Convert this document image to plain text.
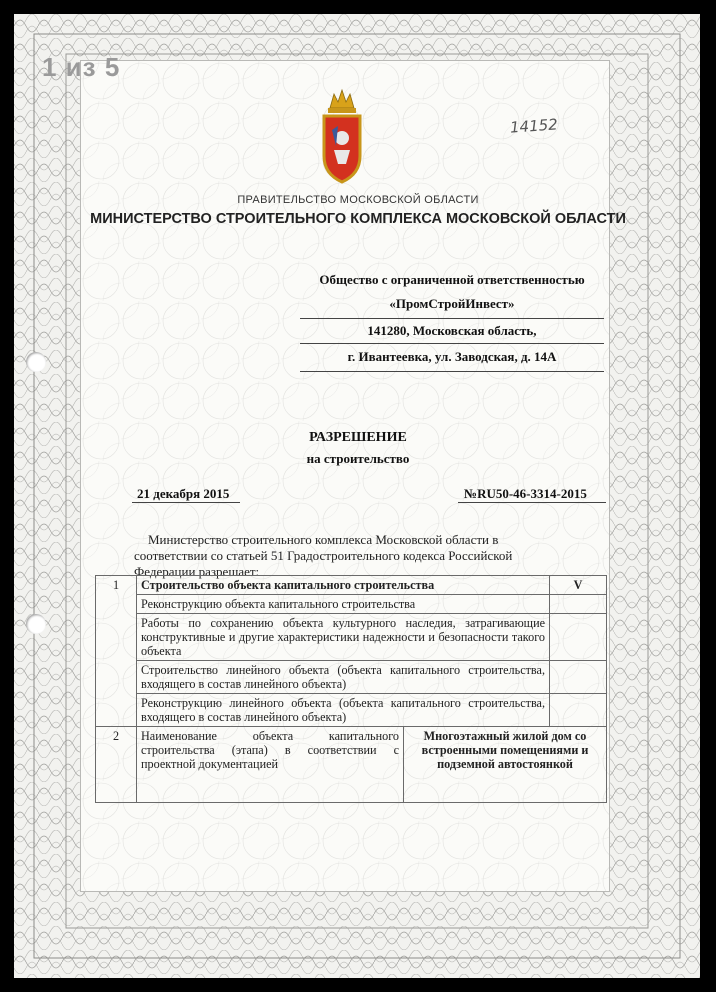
1 из 5
14152
ПРАВИТЕЛЬСТВО МОСКОВСКОЙ ОБЛАСТИ
МИНИСТЕРСТВО СТРОИТЕЛЬНОГО КОМПЛЕКСА МОСКОВСКОЙ ОБЛАСТИ
Общество с ограниченной ответственностью
«ПромСтройИнвест»
141280, Московская область,
г. Ивантеевка, ул. Заводская, д. 14А
РАЗРЕШЕНИЕ
на строительство
21 декабря 2015	№RU50-46-3314-2015
Министерство строительного комплекса Московской области в соответствии со статьей 51 Градостроительного кодекса Российской Федерации разрешает:
1	Строительство объекта капитального строительства		V
	Реконструкцию объекта капитального строительства		
	Работы по сохранению объекта культурного наследия, затрагивающие конструктивные и другие характеристики надежности и безопасности такого объекта		
	Строительство линейного объекта (объекта капитального строительства, входящего в состав линейного объекта)		
	Реконструкцию линейного объекта (объекта капитального строительства, входящего в состав линейного объекта)		
2	Наименование объекта капитального строительства (этапа) в соответствии с проектной документацией	Многоэтажный жилой дом со встроенными помещениями и подземной автостоянкой	
